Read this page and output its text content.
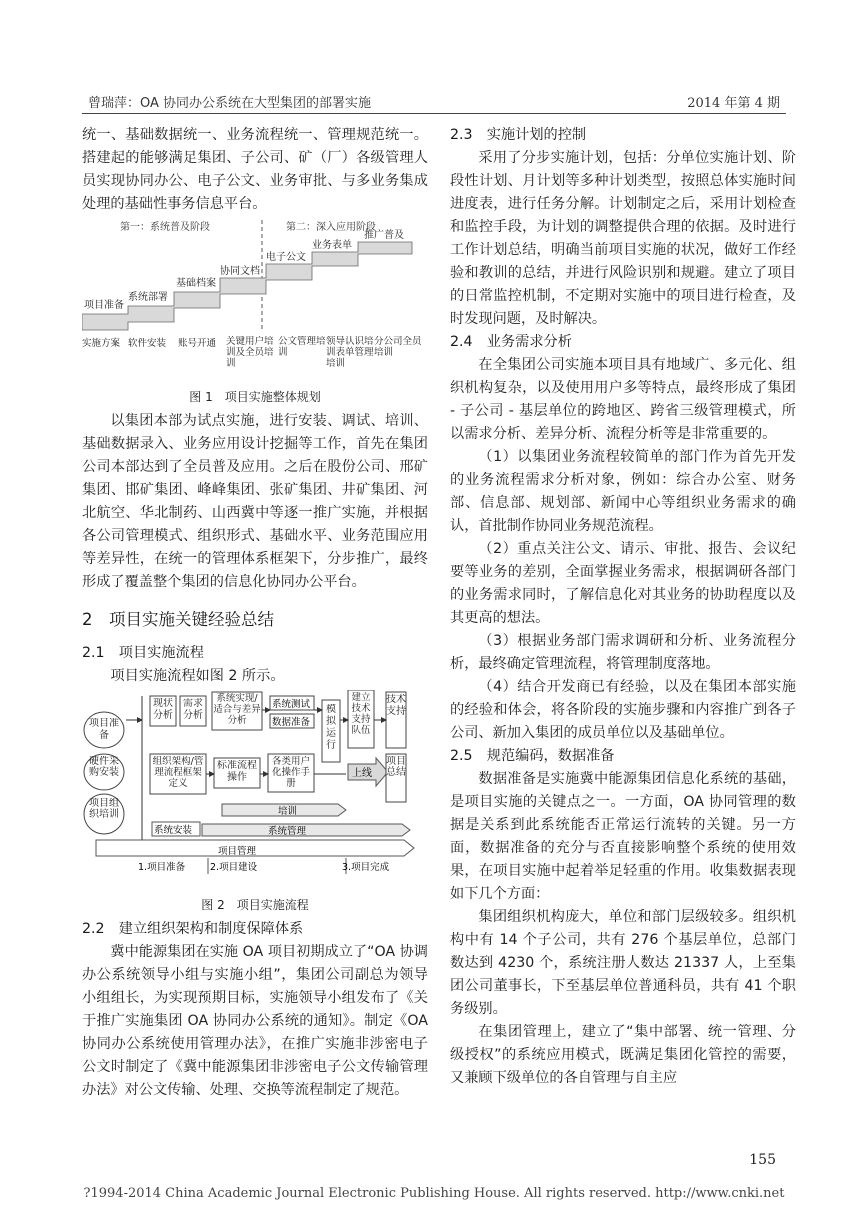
曾瑞萍：OA 协同办公系统在大型集团的部署实施	2014 年第 4 期

统一、基础数据统一、业务流程统一、管理规范统一。搭建起的能够满足集团、子公司、矿（厂）各级管理人员实现协同办公、电子公文、业务审批、与多业务集成处理的基础性事务信息平台。

第一：系统普及阶段	第二：深入应用阶段
项目准备
系统部署
基础档案
协同文档
电子公文
业务表单
推广普及
实施方案 软件安装 账号开通 关键用户培训及全员培训
公文管理培训
领导认识培训表单管理培训
分公司全员培训
图 1　项目实施整体规划

以集团本部为试点实施，进行安装、调试、培训、基础数据录入、业务应用设计挖掘等工作，首先在集团公司本部达到了全员普及应用。之后在股份公司、邢矿集团、邯矿集团、峰峰集团、张矿集团、井矿集团、河北航空、华北制药、山西冀中等逐一推广实施，并根据各公司管理模式、组织形式、基础水平、业务范围应用等差异性，在统一的管理体系框架下，分步推广，最终形成了覆盖整个集团的信息化协同办公平台。

2　项目实施关键经验总结
2.1　项目实施流程

项目实施流程如图 2 所示。

项目准备
硬件采购安装
项目组织培训
现状分析
需求分析
系统实现/适合与差异分析
系统测试
数据准备
组织架构/管理流程框架定义
标准流程操作
各类用户化操作手册
模拟运行
建立技术支持队伍
技术支持
上线
项目总结
培训
系统安装	系统管理
项目管理
1.项目准备	2.项目建设	3.项目完成
图 2　项目实施流程
2.2　建立组织架构和制度保障体系

冀中能源集团在实施 OA 项目初期成立了“OA 协调办公系统领导小组与实施小组”，集团公司副总为领导小组组长，为实现预期目标，实施领导小组发布了《关于推广实施集团 OA 协同办公系统的通知》。制定《OA 协同办公系统使用管理办法》，在推广实施非涉密电子公文时制定了《冀中能源集团非涉密电子公文传输管理办法》对公文传输、处理、交换等流程制定了规范。

2.3　实施计划的控制

采用了分步实施计划，包括：分单位实施计划、阶段性计划、月计划等多种计划类型，按照总体实施时间进度表，进行任务分解。计划制定之后，采用计划检查和监控手段，为计划的调整提供合理的依据。及时进行工作计划总结，明确当前项目实施的状况，做好工作经验和教训的总结，并进行风险识别和规避。建立了项目的日常监控机制，不定期对实施中的项目进行检查，及时发现问题，及时解决。

2.4　业务需求分析

在全集团公司实施本项目具有地域广、多元化、组织机构复杂，以及使用用户多等特点，最终形成了集团 - 子公司 - 基层单位的跨地区、跨省三级管理模式，所以需求分析、差异分析、流程分析等是非常重要的。

（1）以集团业务流程较简单的部门作为首先开发的业务流程需求分析对象，例如：综合办公室、财务部、信息部、规划部、新闻中心等组织业务需求的确认，首批制作协同业务规范流程。

（2）重点关注公文、请示、审批、报告、会议纪要等业务的差别，全面掌握业务需求，根据调研各部门的业务需求同时，了解信息化对其业务的协助程度以及其更高的想法。

（3）根据业务部门需求调研和分析、业务流程分析，最终确定管理流程，将管理制度落地。

（4）结合开发商已有经验，以及在集团本部实施的经验和体会，将各阶段的实施步骤和内容推广到各子公司、新加入集团的成员单位以及基础单位。

2.5　规范编码，数据准备

数据准备是实施冀中能源集团信息化系统的基础，是项目实施的关键点之一。一方面，OA 协同管理的数据是关系到此系统能否正常运行流转的关键。另一方面，数据准备的充分与否直接影响整个系统的使用效果，在项目实施中起着举足轻重的作用。收集数据表现如下几个方面：

集团组织机构庞大，单位和部门层级较多。组织机构中有 14 个子公司，共有 276 个基层单位，总部门数达到 4230 个，系统注册人数达 21337 人，上至集团公司董事长，下至基层单位普通科员，共有 41 个职务级别。

在集团管理上，建立了“集中部署、统一管理、分级授权”的系统应用模式，既满足集团化管控的需要，又兼顾下级单位的各自管理与自主应

155
?1994-2014 China Academic Journal Electronic Publishing House. All rights reserved. http://www.cnki.net
